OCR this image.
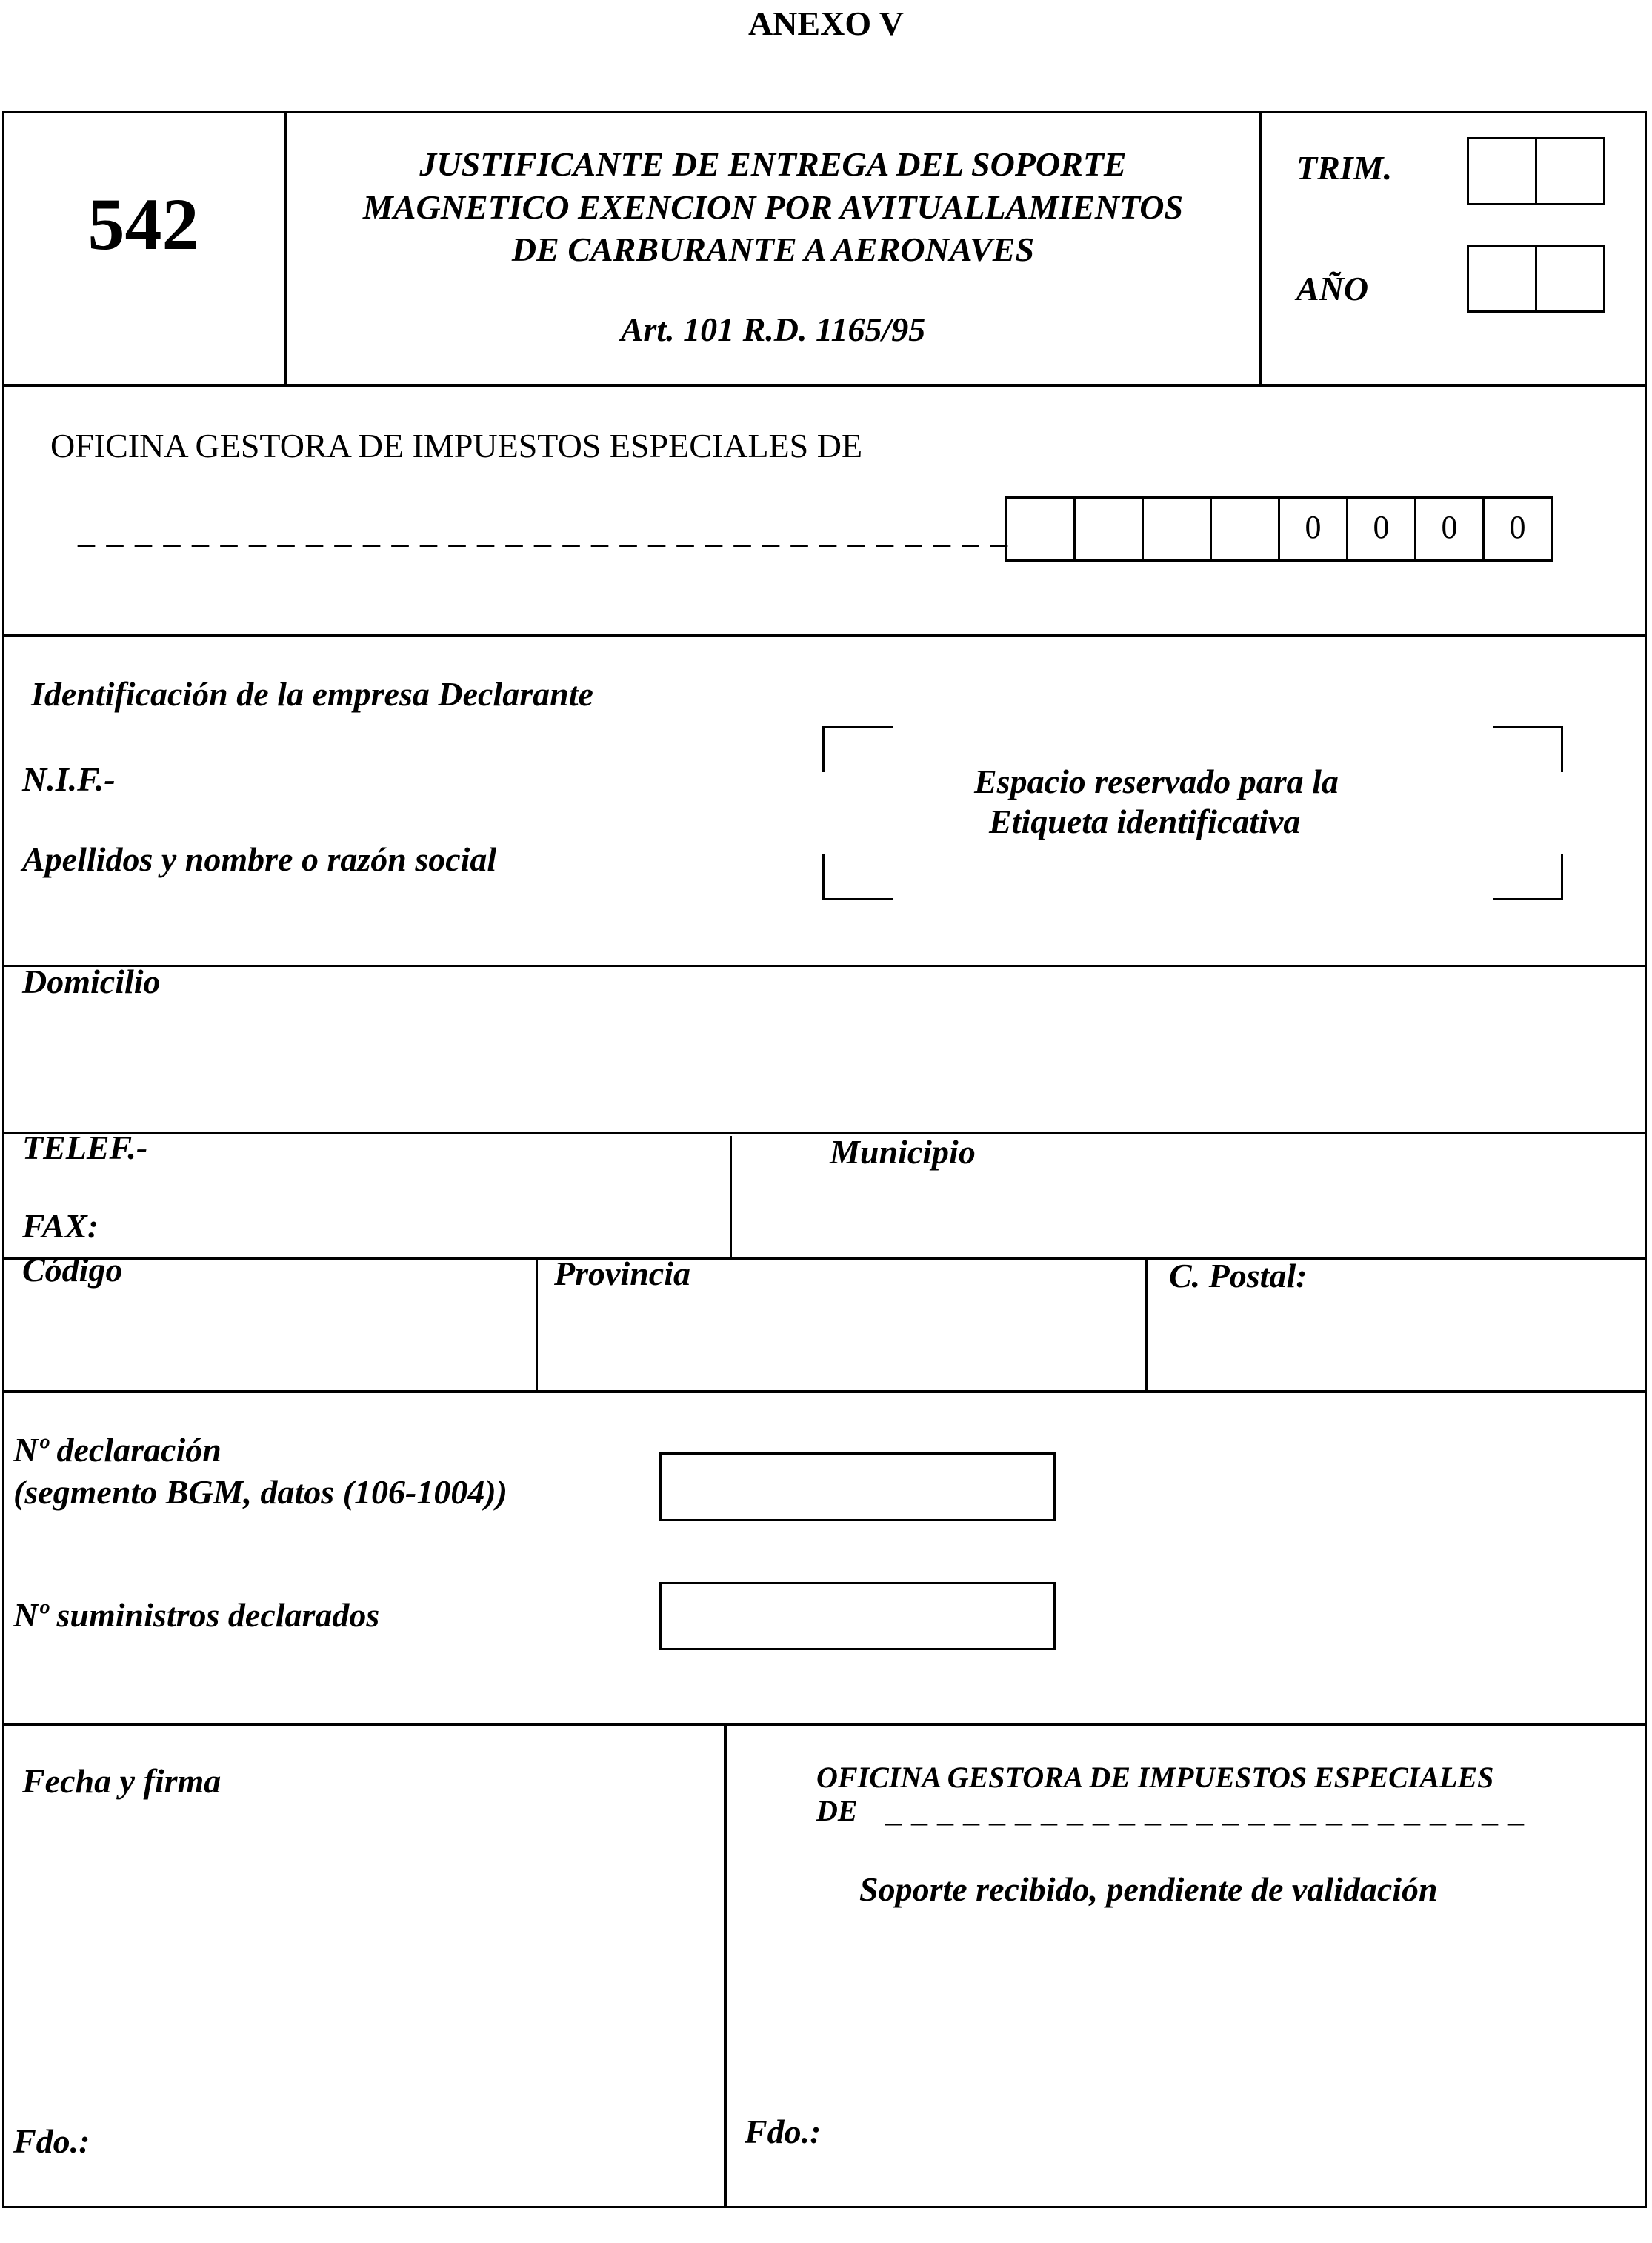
ANEXO V
542
JUSTIFICANTE DE ENTREGA DEL SOPORTE
MAGNETICO EXENCION POR AVITUALLAMIENTOS
DE CARBURANTE A AERONAVES
Art. 101 R.D. 1165/95
TRIM.
AÑO
OFICINA GESTORA DE IMPUESTOS ESPECIALES DE
_ _ _ _ _ _ _ _ _ _ _ _ _ _ _ _ _ _ _ _ _ _ _ _ _ _ _ _ _ _ _ _ _	0	0	0	0
Identificación de la empresa Declarante
N.I.F.-
Apellidos y nombre o razón social
Espacio reservado para la
Etiqueta identificativa
Domicilio
TELEF.-
FAX:
Municipio
Código	Provincia	C. Postal:
Nº declaración
(segmento BGM, datos (106-1004))
Nº suministros declarados
Fecha y firma
Fdo.:
OFICINA GESTORA DE IMPUESTOS ESPECIALES
DE _ _ _ _ _ _ _ _ _ _ _ _ _ _ _ _ _ _ _ _ _ _ _ _ _
Soporte recibido, pendiente de validación
Fdo.:
